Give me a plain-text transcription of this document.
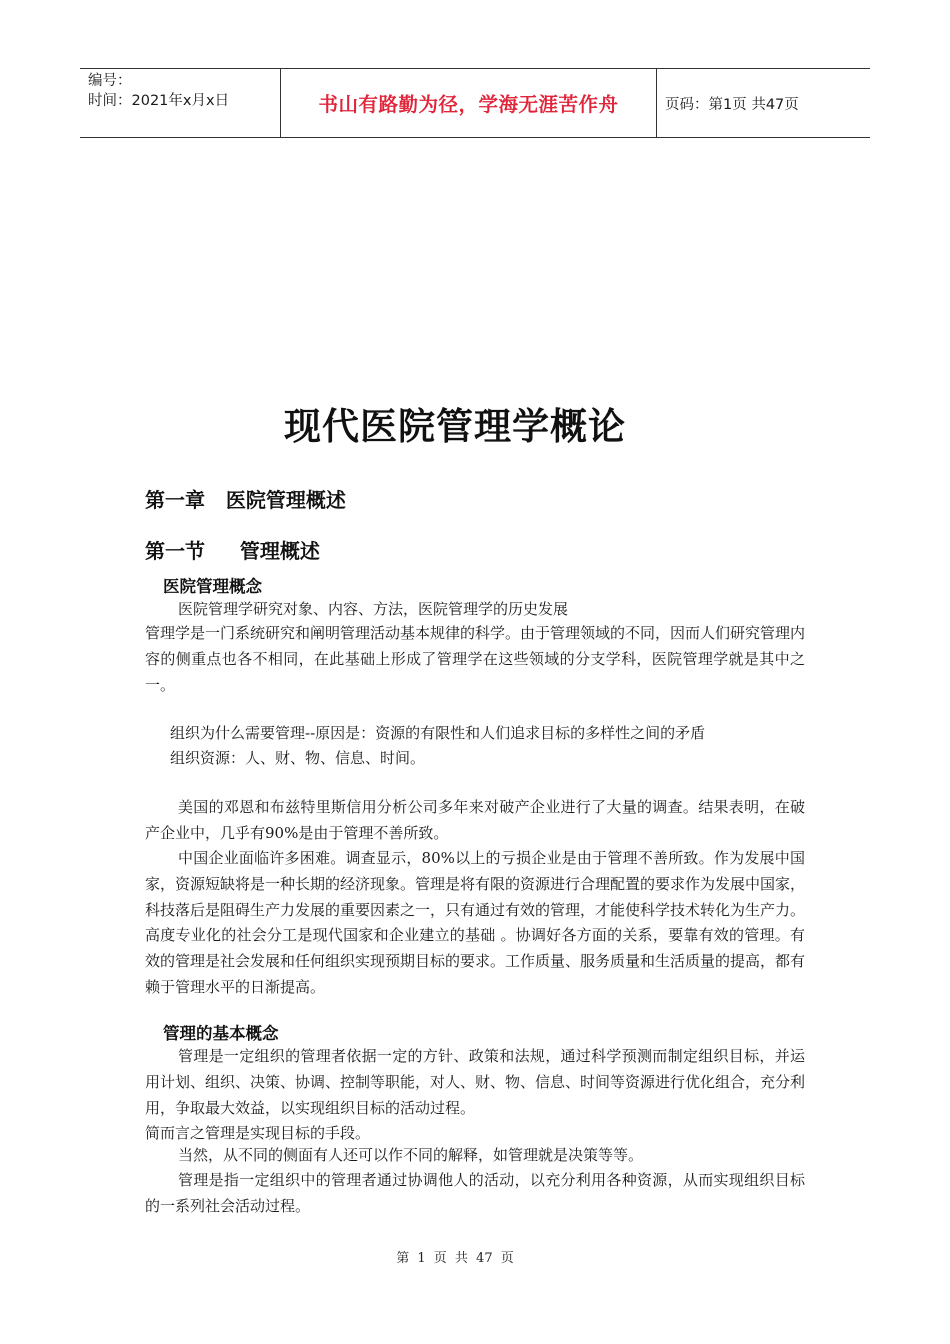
编号：
时间：2021年x月x日	书山有路勤为径，学海无涯苦作舟	页码：第1页 共47页
现代医院管理学概论
第一章   医院管理概述
第一节     管理概述
医院管理概念
医院管理学研究对象、内容、方法，医院管理学的历史发展
管理学是一门系统研究和阐明管理活动基本规律的科学。由于管理领域的不同，因而人们研究管理内容的侧重点也各不相同，在此基础上形成了管理学在这些领域的分支学科，医院管理学就是其中之一。
组织为什么需要管理--原因是：资源的有限性和人们追求目标的多样性之间的矛盾
组织资源：人、财、物、信息、时间。
美国的邓恩和布兹特里斯信用分析公司多年来对破产企业进行了大量的调查。结果表明，在破产企业中，几乎有90%是由于管理不善所致。
中国企业面临许多困难。调查显示，80%以上的亏损企业是由于管理不善所致。作为发展中国家，资源短缺将是一种长期的经济现象。管理是将有限的资源进行合理配置的要求作为发展中国家，科技落后是阻碍生产力发展的重要因素之一，只有通过有效的管理，才能使科学技术转化为生产力。高度专业化的社会分工是现代国家和企业建立的基础 。协调好各方面的关系，要靠有效的管理。有效的管理是社会发展和任何组织实现预期目标的要求。工作质量、服务质量和生活质量的提高，都有赖于管理水平的日渐提高。
管理的基本概念
管理是一定组织的管理者依据一定的方针、政策和法规，通过科学预测而制定组织目标，并运用计划、组织、决策、协调、控制等职能，对人、财、物、信息、时间等资源进行优化组合，充分利用，争取最大效益，以实现组织目标的活动过程。
简而言之管理是实现目标的手段。
当然，从不同的侧面有人还可以作不同的解释，如管理就是决策等等。
管理是指一定组织中的管理者通过协调他人的活动，以充分利用各种资源，从而实现组织目标的一系列社会活动过程。
第 1 页 共 47 页
